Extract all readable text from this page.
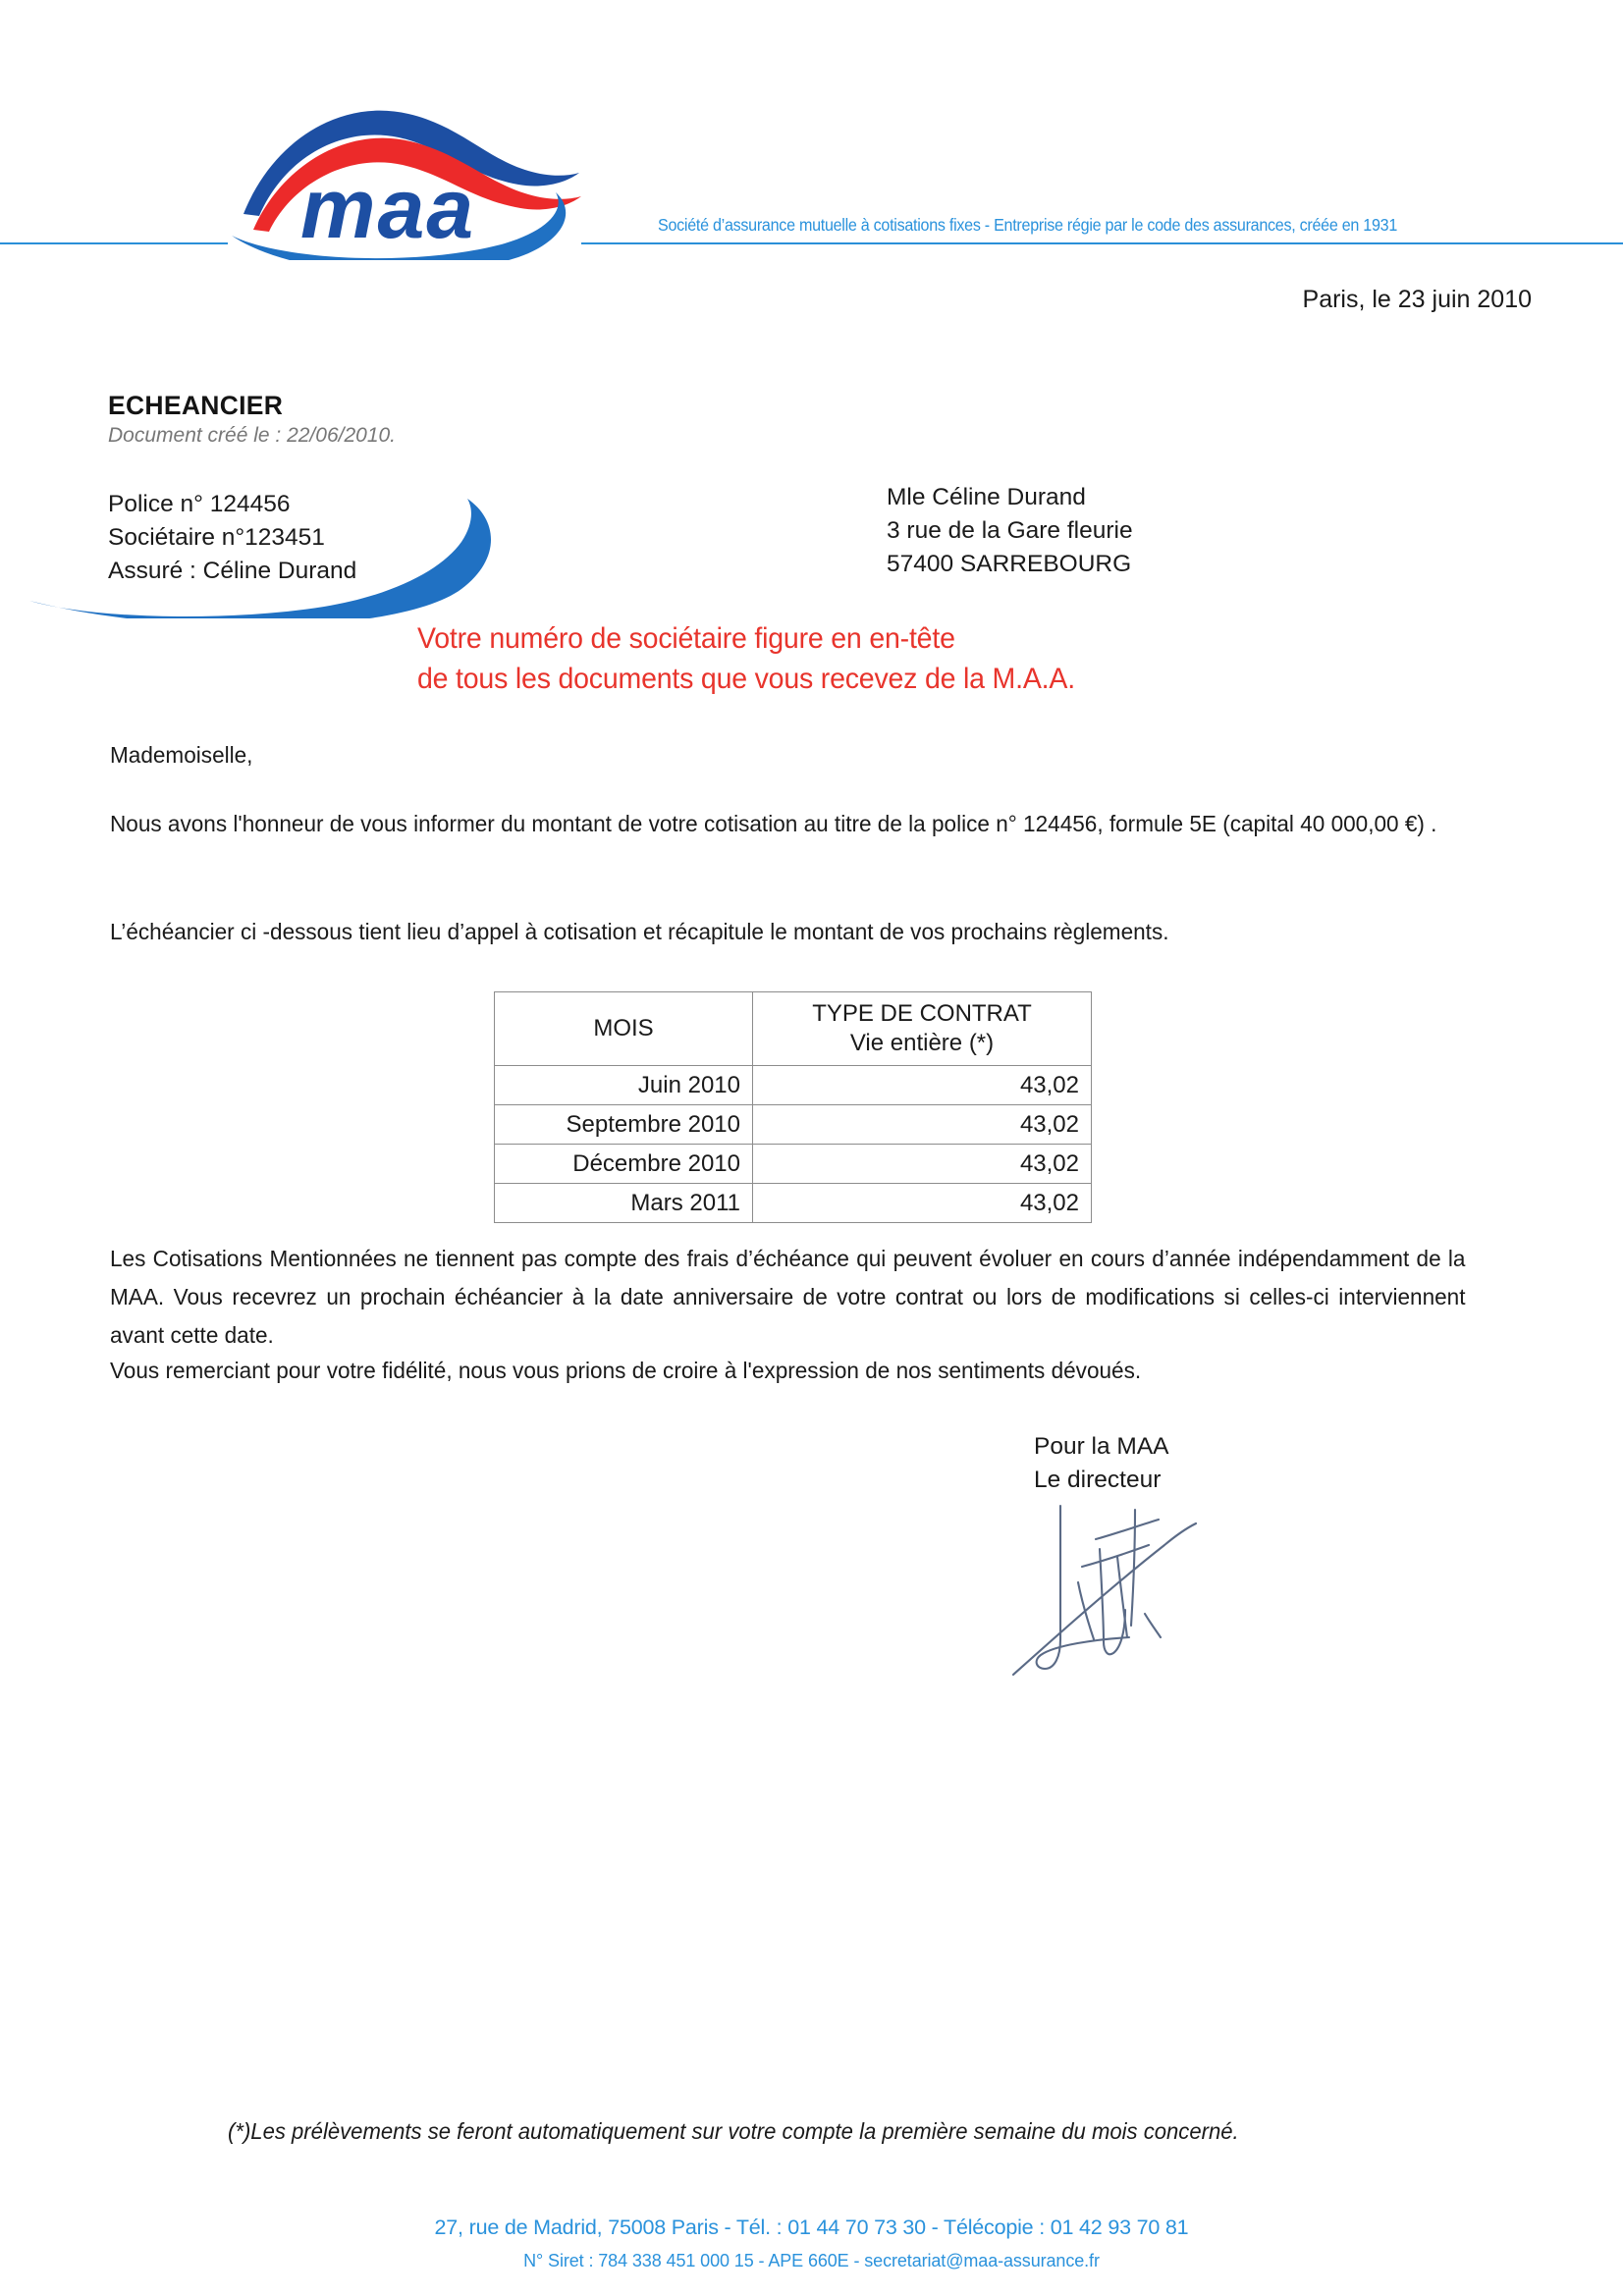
maa	Société d’assurance mutuelle à cotisations fixes - Entreprise régie par le code des assurances, créée en 1931
Paris, le 23 juin 2010
ECHEANCIER
Document créé le : 22/06/2010.
Police n° 124456
Sociétaire n°123451
Assuré : Céline Durand
Mle Céline Durand
3 rue de la Gare fleurie
57400 SARREBOURG
Votre numéro de sociétaire figure en en-tête
de tous les documents que vous recevez de la M.A.A.
Mademoiselle,
Nous avons l'honneur de vous informer du montant de votre cotisation au titre de la police n° 124456, formule 5E (capital 40 000,00 €) .
L’échéancier ci -dessous tient lieu d’appel à cotisation et récapitule le montant de vos prochains règlements.
MOIS	TYPE DE CONTRAT
Vie entière (*)
Juin 2010	43,02
Septembre 2010	43,02
Décembre 2010	43,02
Mars 2011	43,02
Les Cotisations Mentionnées ne tiennent pas compte des frais d’échéance qui peuvent évoluer en cours d’année indépendamment de la MAA. Vous recevrez un prochain échéancier à la date anniversaire de votre contrat ou lors de modifications si celles-ci interviennent avant cette date.
Vous remerciant pour votre fidélité, nous vous prions de croire à l'expression de nos sentiments dévoués.
Pour la MAA
Le directeur
(*)Les prélèvements se feront automatiquement sur votre compte la première semaine du mois concerné.
27, rue de Madrid, 75008 Paris - Tél. : 01 44 70 73 30 - Télécopie : 01 42 93 70 81
N° Siret : 784 338 451 000 15 - APE 660E - secretariat@maa-assurance.fr
